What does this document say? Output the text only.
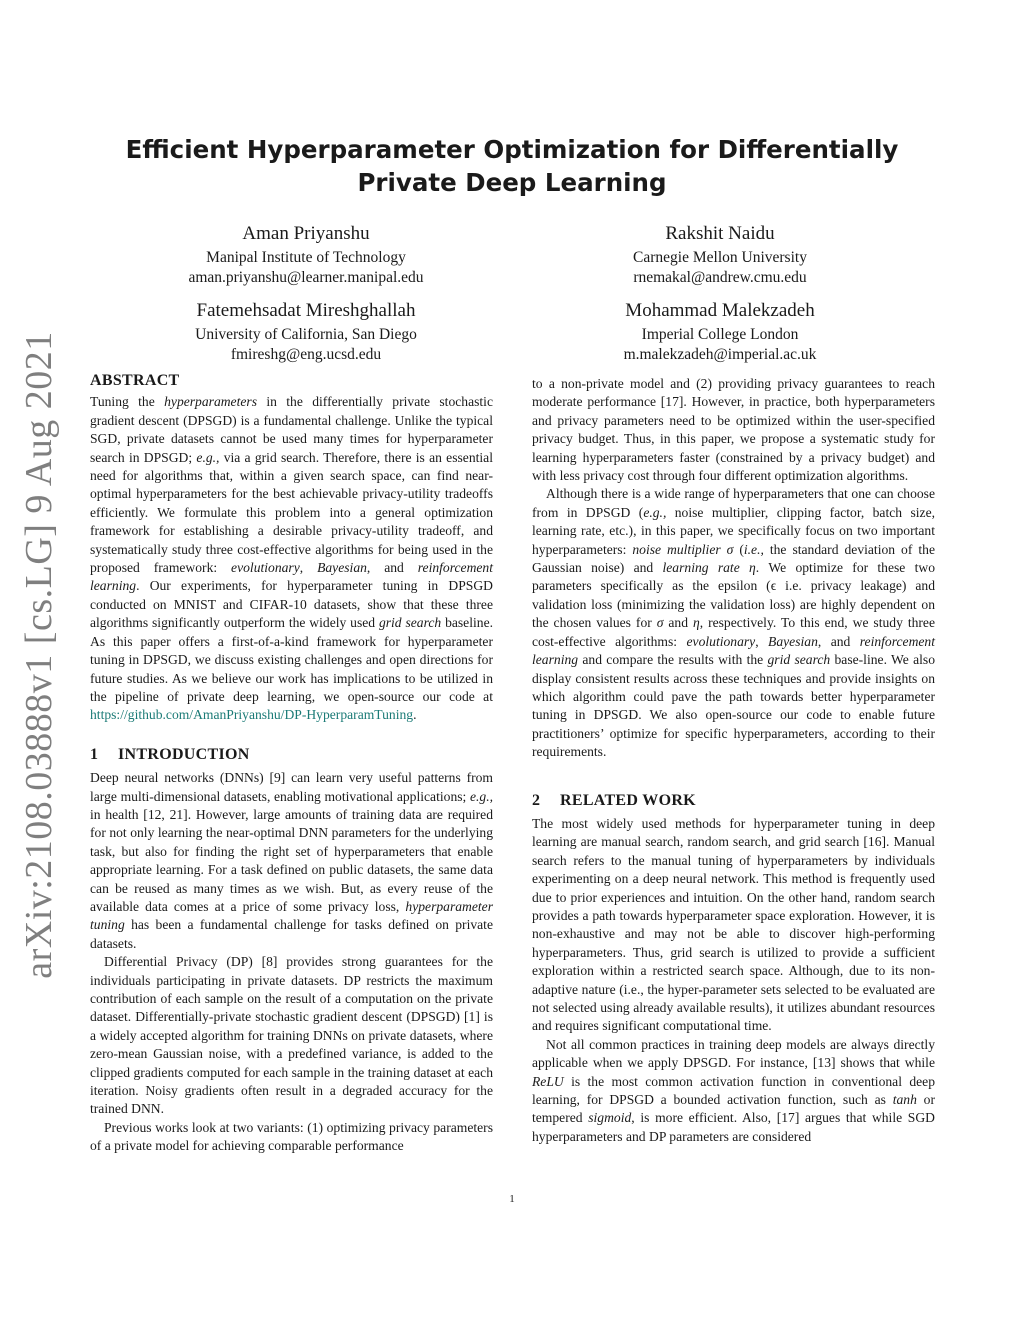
arXiv:2108.03888v1 [cs.LG] 9 Aug 2021
Efficient Hyperparameter Optimization for Differentially
Private Deep Learning
Aman Priyanshu
Manipal Institute of Technology
aman.priyanshu@learner.manipal.edu
Rakshit Naidu
Carnegie Mellon University
rnemakal@andrew.cmu.edu
Fatemehsadat Mireshghallah
University of California, San Diego
fmireshg@eng.ucsd.edu
Mohammad Malekzadeh
Imperial College London
m.malekzadeh@imperial.ac.uk
ABSTRACT

Tuning the hyperparameters in the differentially private stochastic gradient descent (DPSGD) is a fundamental challenge. Unlike the typical SGD, private datasets cannot be used many times for hyperparameter search in DPSGD; e.g., via a grid search. Therefore, there is an essential need for algorithms that, within a given search space, can find near-optimal hyperparameters for the best achievable privacy-utility tradeoffs efficiently. We formulate this problem into a general optimization framework for establishing a desirable privacy-utility tradeoff, and systematically study three cost-effective algorithms for being used in the proposed framework: evolutionary, Bayesian, and reinforcement learning. Our experiments, for hyperparameter tuning in DPSGD conducted on MNIST and CIFAR-10 datasets, show that these three algorithms significantly outperform the widely used grid search baseline. As this paper offers a first-of-a-kind framework for hyperparameter tuning in DPSGD, we discuss existing challenges and open directions for future studies. As we believe our work has implications to be utilized in the pipeline of private deep learning, we open-source our code at https://github.com/AmanPriyanshu/DP-HyperparamTuning.

1 INTRODUCTION

Deep neural networks (DNNs) [9] can learn very useful patterns from large multi-dimensional datasets, enabling motivational applications; e.g., in health [12, 21]. However, large amounts of training data are required for not only learning the near-optimal DNN parameters for the underlying task, but also for finding the right set of hyperparameters that enable appropriate learning. For a task defined on public datasets, the same data can be reused as many times as we wish. But, as every reuse of the available data comes at a price of some privacy loss, hyperparameter tuning has been a fundamental challenge for tasks defined on private datasets.

Differential Privacy (DP) [8] provides strong guarantees for the individuals participating in private datasets. DP restricts the maximum contribution of each sample on the result of a computation on the private dataset. Differentially-private stochastic gradient descent (DPSGD) [1] is a widely accepted algorithm for training DNNs on private datasets, where zero-mean Gaussian noise, with a predefined variance, is added to the clipped gradients computed for each sample in the training dataset at each iteration. Noisy gradients often result in a degraded accuracy for the trained DNN.

Previous works look at two variants: (1) optimizing privacy parameters of a private model for achieving comparable performance

to a non-private model and (2) providing privacy guarantees to reach moderate performance [17]. However, in practice, both hyperparameters and privacy parameters need to be optimized within the user-specified privacy budget. Thus, in this paper, we propose a systematic study for learning hyperparameters faster (constrained by a privacy budget) and with less privacy cost through four different optimization algorithms.

Although there is a wide range of hyperparameters that one can choose from in DPSGD (e.g., noise multiplier, clipping factor, batch size, learning rate, etc.), in this paper, we specifically focus on two important hyperparameters: noise multiplier σ (i.e., the standard deviation of the Gaussian noise) and learning rate η. We optimize for these two parameters specifically as the epsilon (ϵ i.e. privacy leakage) and validation loss (minimizing the validation loss) are highly dependent on the chosen values for σ and η, respectively. To this end, we study three cost-effective algorithms: evolutionary, Bayesian, and reinforcement learning and compare the results with the grid search base-line. We also display consistent results across these techniques and provide insights on which algorithm could pave the path towards better hyperparameter tuning in DPSGD. We also open-source our code to enable future practitioners’ optimize for specific hyperparameters, according to their requirements.

2 RELATED WORK

The most widely used methods for hyperparameter tuning in deep learning are manual search, random search, and grid search [16]. Manual search refers to the manual tuning of hyperparameters by individuals experimenting on a deep neural network. This method is frequently used due to prior experiences and intuition. On the other hand, random search provides a path towards hyperparameter space exploration. However, it is non-exhaustive and may not be able to discover high-performing hyperparameters. Thus, grid search is utilized to provide a sufficient exploration within a restricted search space. Although, due to its non-adaptive nature (i.e., the hyper-parameter sets selected to be evaluated are not selected using already available results), it utilizes abundant resources and requires significant computational time.

Not all common practices in training deep models are always directly applicable when we apply DPSGD. For instance, [13] shows that while ReLU is the most common activation function in conventional deep learning, for DPSGD a bounded activation function, such as tanh or tempered sigmoid, is more efficient. Also, [17] argues that while SGD hyperparameters and DP parameters are considered

1
